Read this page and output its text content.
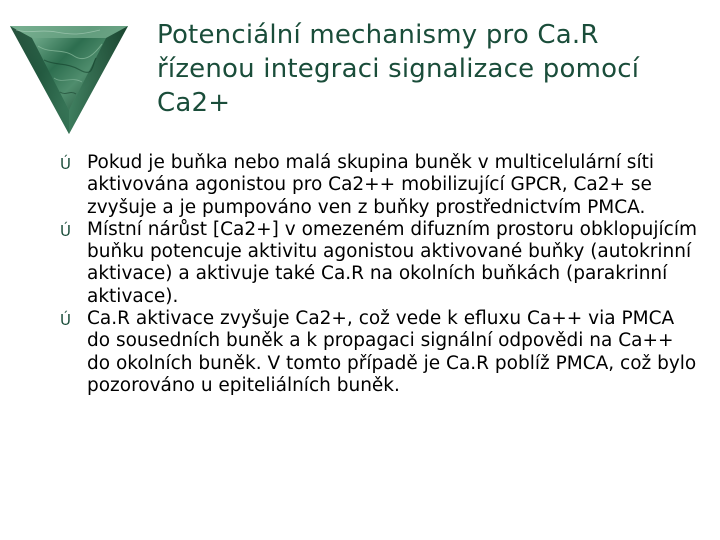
Potenciální mechanismy pro Ca.R řízenou integraci signalizace pomocí Ca2+
Ú Pokud je buňka nebo malá skupina buněk v multicelulární síti aktivována agonistou pro Ca2++ mobilizující GPCR, Ca2+ se zvyšuje a je pumpováno ven z buňky prostřednictvím PMCA.
Ú Místní nárůst [Ca2+] v omezeném difuzním prostoru obklopujícím buňku potencuje aktivitu agonistou aktivované buňky (autokrinní aktivace) a aktivuje také Ca.R na okolních buňkách (parakrinní aktivace).
Ú Ca.R aktivace zvyšuje Ca2+, což vede k efluxu Ca++ via PMCA do sousedních buněk a k propagaci signální odpovědi na Ca++ do okolních buněk. V tomto případě je Ca.R poblíž PMCA, což bylo pozorováno u epiteliálních buněk.
